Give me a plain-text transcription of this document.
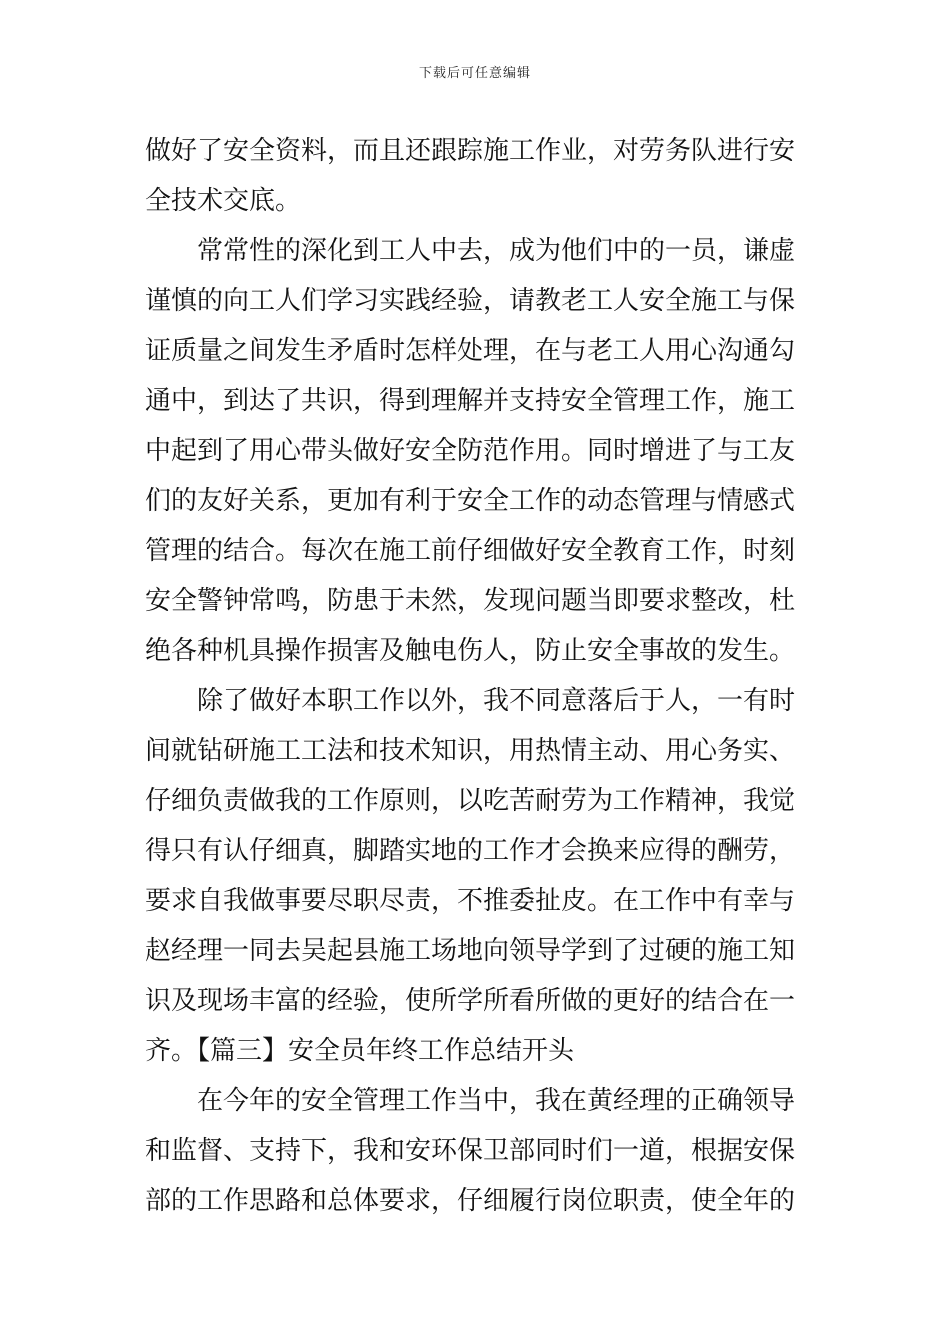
下载后可任意编辑
做好了安全资料，而且还跟踪施工作业，对劳务队进行安
全技术交底。
常常性的深化到工人中去，成为他们中的一员，谦虚
谨慎的向工人们学习实践经验，请教老工人安全施工与保
证质量之间发生矛盾时怎样处理，在与老工人用心沟通勾
通中，到达了共识，得到理解并支持安全管理工作，施工
中起到了用心带头做好安全防范作用。同时增进了与工友
们的友好关系，更加有利于安全工作的动态管理与情感式
管理的结合。每次在施工前仔细做好安全教育工作，时刻
安全警钟常鸣，防患于未然，发现问题当即要求整改，杜
绝各种机具操作损害及触电伤人，防止安全事故的发生。
除了做好本职工作以外，我不同意落后于人，一有时
间就钻研施工工法和技术知识，用热情主动、用心务实、
仔细负责做我的工作原则，以吃苦耐劳为工作精神，我觉
得只有认仔细真，脚踏实地的工作才会换来应得的酬劳，
要求自我做事要尽职尽责，不推委扯皮。在工作中有幸与
赵经理一同去吴起县施工场地向领导学到了过硬的施工知
识及现场丰富的经验，使所学所看所做的更好的结合在一
齐。【篇三】安全员年终工作总结开头
在今年的安全管理工作当中，我在黄经理的正确领导
和监督、支持下，我和安环保卫部同时们一道，根据安保
部的工作思路和总体要求，仔细履行岗位职责，使全年的
